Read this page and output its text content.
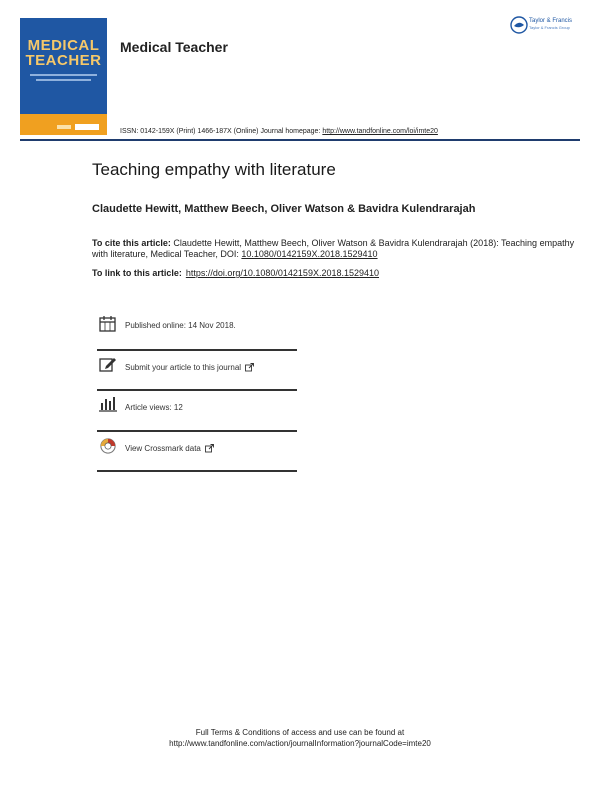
MEDICAL
TEACHER
Medical Teacher
Taylor & Francis
Taylor & Francis Group
ISSN: 0142-159X (Print) 1466-187X (Online) Journal homepage: http://www.tandfonline.com/loi/imte20
Teaching empathy with literature
Claudette Hewitt, Matthew Beech, Oliver Watson & Bavidra Kulendrarajah
To cite this article: Claudette Hewitt, Matthew Beech, Oliver Watson & Bavidra Kulendrarajah (2018): Teaching empathy with literature, Medical Teacher, DOI: 10.1080/0142159X.2018.1529410
To link to this article: https://doi.org/10.1080/0142159X.2018.1529410
Published online: 14 Nov 2018.
Submit your article to this journal
Article views: 12
View Crossmark data
Full Terms & Conditions of access and use can be found at
http://www.tandfonline.com/action/journalInformation?journalCode=imte20
